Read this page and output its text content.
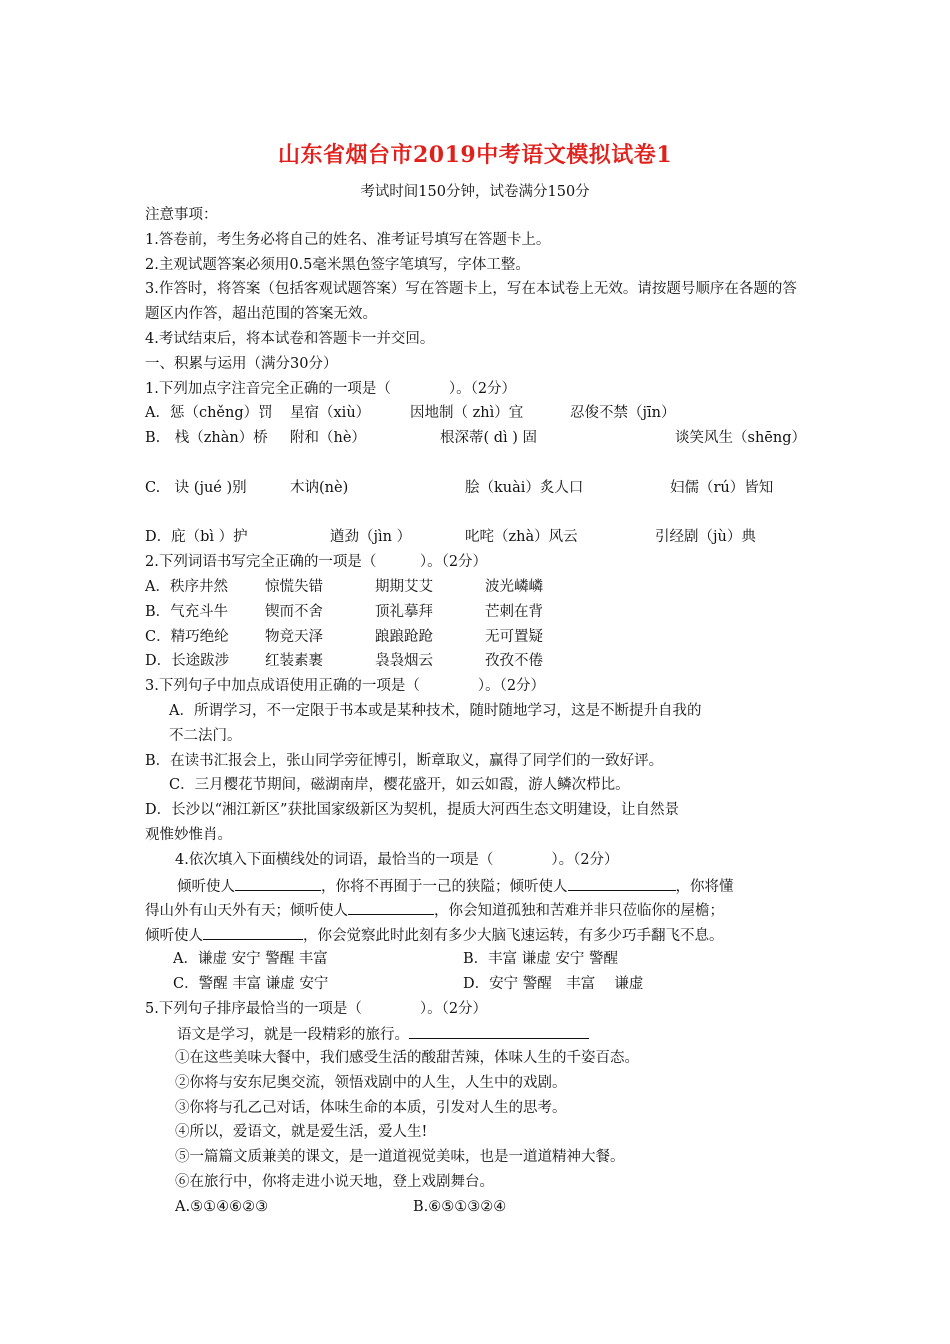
山东省烟台市2019中考语文模拟试卷1
考试时间150分钟，试卷满分150分
注意事项：
1.答卷前，考生务必将自己的姓名、准考证号填写在答题卡上。
2.主观试题答案必须用0.5毫米黑色签字笔填写，字体工整。
3.作答时，将答案（包括客观试题答案）写在答题卡上，写在本试卷上无效。请按题号顺序在各题的答题区内作答，超出范围的答案无效。
4.考试结束后，将本试卷和答题卡一并交回。
一、积累与运用（满分30分）
1.下列加点字注音完全正确的一项是（　　　　）。（2分）
A．惩（chěng）罚	星宿（xiù）	因地制（ zhì）宜	忍俊不禁（jīn）
B.　栈（zhàn）桥	附和（hè）	根深蒂( dì ) 固	谈笑风生（shēng）
C.　诀 (jué )别	木讷(nè)	脍（kuài）炙人口	妇儒（rú）皆知
D．庇（bì ）护	遒劲（jìn ）	叱咤（zhà）风云	引经剧（jù）典
2.下列词语书写完全正确的一项是（　　　）。（2分）
A．秩序井然	惊慌失错	期期艾艾	波光嶙嶙
B．气充斗牛	锲而不舍	顶礼摹拜	芒刺在背
C．精巧绝纶	物竞天泽	踉踉跄跄	无可置疑
D．长途跋涉	红装素裹	袅袅烟云	孜孜不倦
3.下列句子中加点成语使用正确的一项是（　　　　）。（2分）
A．所谓学习，不一定限于书本或是某种技术，随时随地学习，这是不断提升自我的
不二法门。
B．在读书汇报会上，张山同学旁征博引，断章取义，赢得了同学们的一致好评。
C．三月樱花节期间，磁湖南岸，樱花盛开，如云如霞，游人鳞次栉比。
D．长沙以“湘江新区”获批国家级新区为契机，提质大河西生态文明建设，让自然景
观惟妙惟肖。
4.依次填入下面横线处的词语，最恰当的一项是（　　　　）。（2分）
倾听使人	，你将不再囿于一己的狭隘；倾听使人	，你将懂
得山外有山天外有天；倾听使人	，你会知道孤独和苦难并非只莅临你的屋檐；
倾听使人	，你会觉察此时此刻有多少大脑飞速运转，有多少巧手翻飞不息。
A．谦虚 安宁 警醒 丰富	B．丰富 谦虚 安宁 警醒
C．警醒 丰富 谦虚 安宁	D．安宁 警醒　丰富　 谦虚
5.下列句子排序最恰当的一项是（　　　　）。（2分）
语文是学习，就是一段精彩的旅行。
①在这些美味大餐中，我们感受生活的酸甜苦辣，体味人生的千姿百态。
②你将与安东尼奥交流，领悟戏剧中的人生，人生中的戏剧。
③你将与孔乙己对话，体味生命的本质，引发对人生的思考。
④所以，爱语文，就是爱生活，爱人生!
⑤一篇篇文质兼美的课文，是一道道视觉美味，也是一道道精神大餐。
⑥在旅行中，你将走进小说天地，登上戏剧舞台。
A.⑤①④⑥②③	B.⑥⑤①③②④
